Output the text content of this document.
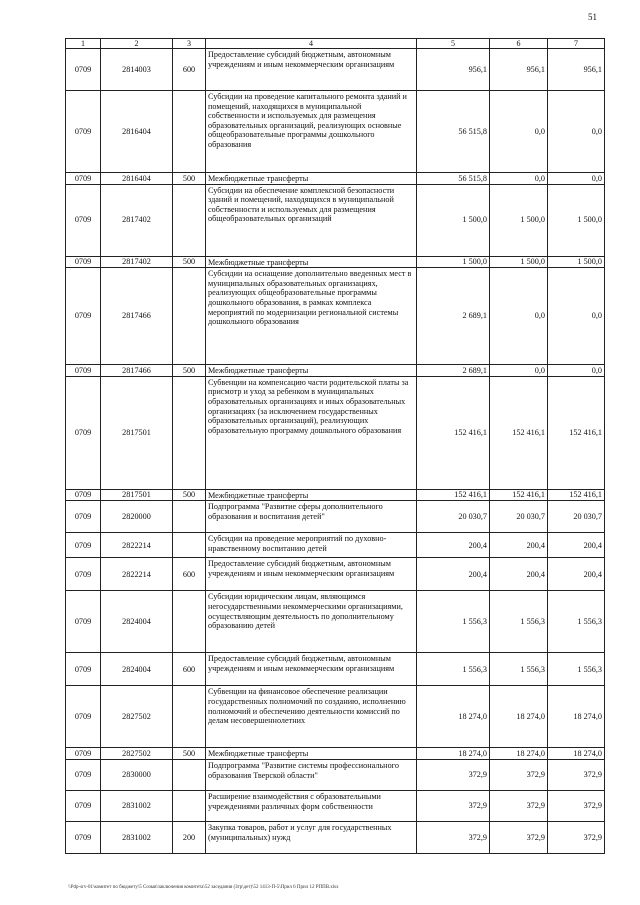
51
1	2	3	4	5	6	7
0709	2814003	600	Предоставление субсидий бюджетным, автономным учреждениям и иным некоммерческим организациям	956,1	956,1	956,1
0709	2816404		Субсидии на проведение капитального ремонта зданий и помещений, находящихся в муниципальной собственности и используемых для размещения образовательных организаций, реализующих основные общеобразовательные программы дошкольного образования	56 515,8	0,0	0,0
0709	2816404	500	Межбюджетные трансферты	56 515,8	0,0	0,0
0709	2817402		Субсидии на обеспечение комплексной безопасности зданий и помещений, находящихся в муниципальной собственности и используемых для размещения общеобразовательных организаций	1 500,0	1 500,0	1 500,0
0709	2817402	500	Межбюджетные трансферты	1 500,0	1 500,0	1 500,0
0709	2817466		Субсидии на оснащение дополнительно введенных мест в муниципальных образовательных организациях, реализующих общеобразовательные программы дошкольного образования, в рамках комплекса мероприятий по модернизации региональной системы дошкольного образования	2 689,1	0,0	0,0
0709	2817466	500	Межбюджетные трансферты	2 689,1	0,0	0,0
0709	2817501		Субвенции на компенсацию части родительской платы за присмотр и уход за ребенком в муниципальных образовательных организациях и иных образовательных организациях (за исключением государственных образовательных организаций), реализующих образовательную программу дошкольного образования	152 416,1	152 416,1	152 416,1
0709	2817501	500	Межбюджетные трансферты	152 416,1	152 416,1	152 416,1
0709	2820000		Подпрограмма "Развитие сферы дополнительного образования и воспитания детей"	20 030,7	20 030,7	20 030,7
0709	2822214		Субсидии на проведение мероприятий по духовно-нравственному воспитанию детей	200,4	200,4	200,4
0709	2822214	600	Предоставление субсидий бюджетным, автономным учреждениям и иным некоммерческим организациям	200,4	200,4	200,4
0709	2824004		Субсидии юридическим лицам, являющимся негосударственными некоммерческими организациями, осуществляющим деятельность по дополнительному образованию детей	1 556,3	1 556,3	1 556,3
0709	2824004	600	Предоставление субсидий бюджетным, автономным учреждениям и иным некоммерческим организациям	1 556,3	1 556,3	1 556,3
0709	2827502		Субвенции на финансовое обеспечение реализации государственных полномочий по созданию, исполнению полномочий и обеспечению деятельности комиссий по делам несовершеннолетних	18 274,0	18 274,0	18 274,0
0709	2827502	500	Межбюджетные трансферты	18 274,0	18 274,0	18 274,0
0709	2830000		Подпрограмма "Развитие системы профессионального образования Тверской области"	372,9	372,9	372,9
0709	2831002		Расширение взаимодействия с образовательными учреждениями различных форм собственности	372,9	372,9	372,9
0709	2831002	200	Закупка товаров, работ и услуг для государственных (муниципальных) нужд	372,9	372,9	372,9
\\Pdp-srv-01\комитет по бюджету\5 Созыв\заключения комитета\52 заседания (Згр\дет)\52 1413-П-5\Прил 6 Прил 12 РППВ.xlsx
